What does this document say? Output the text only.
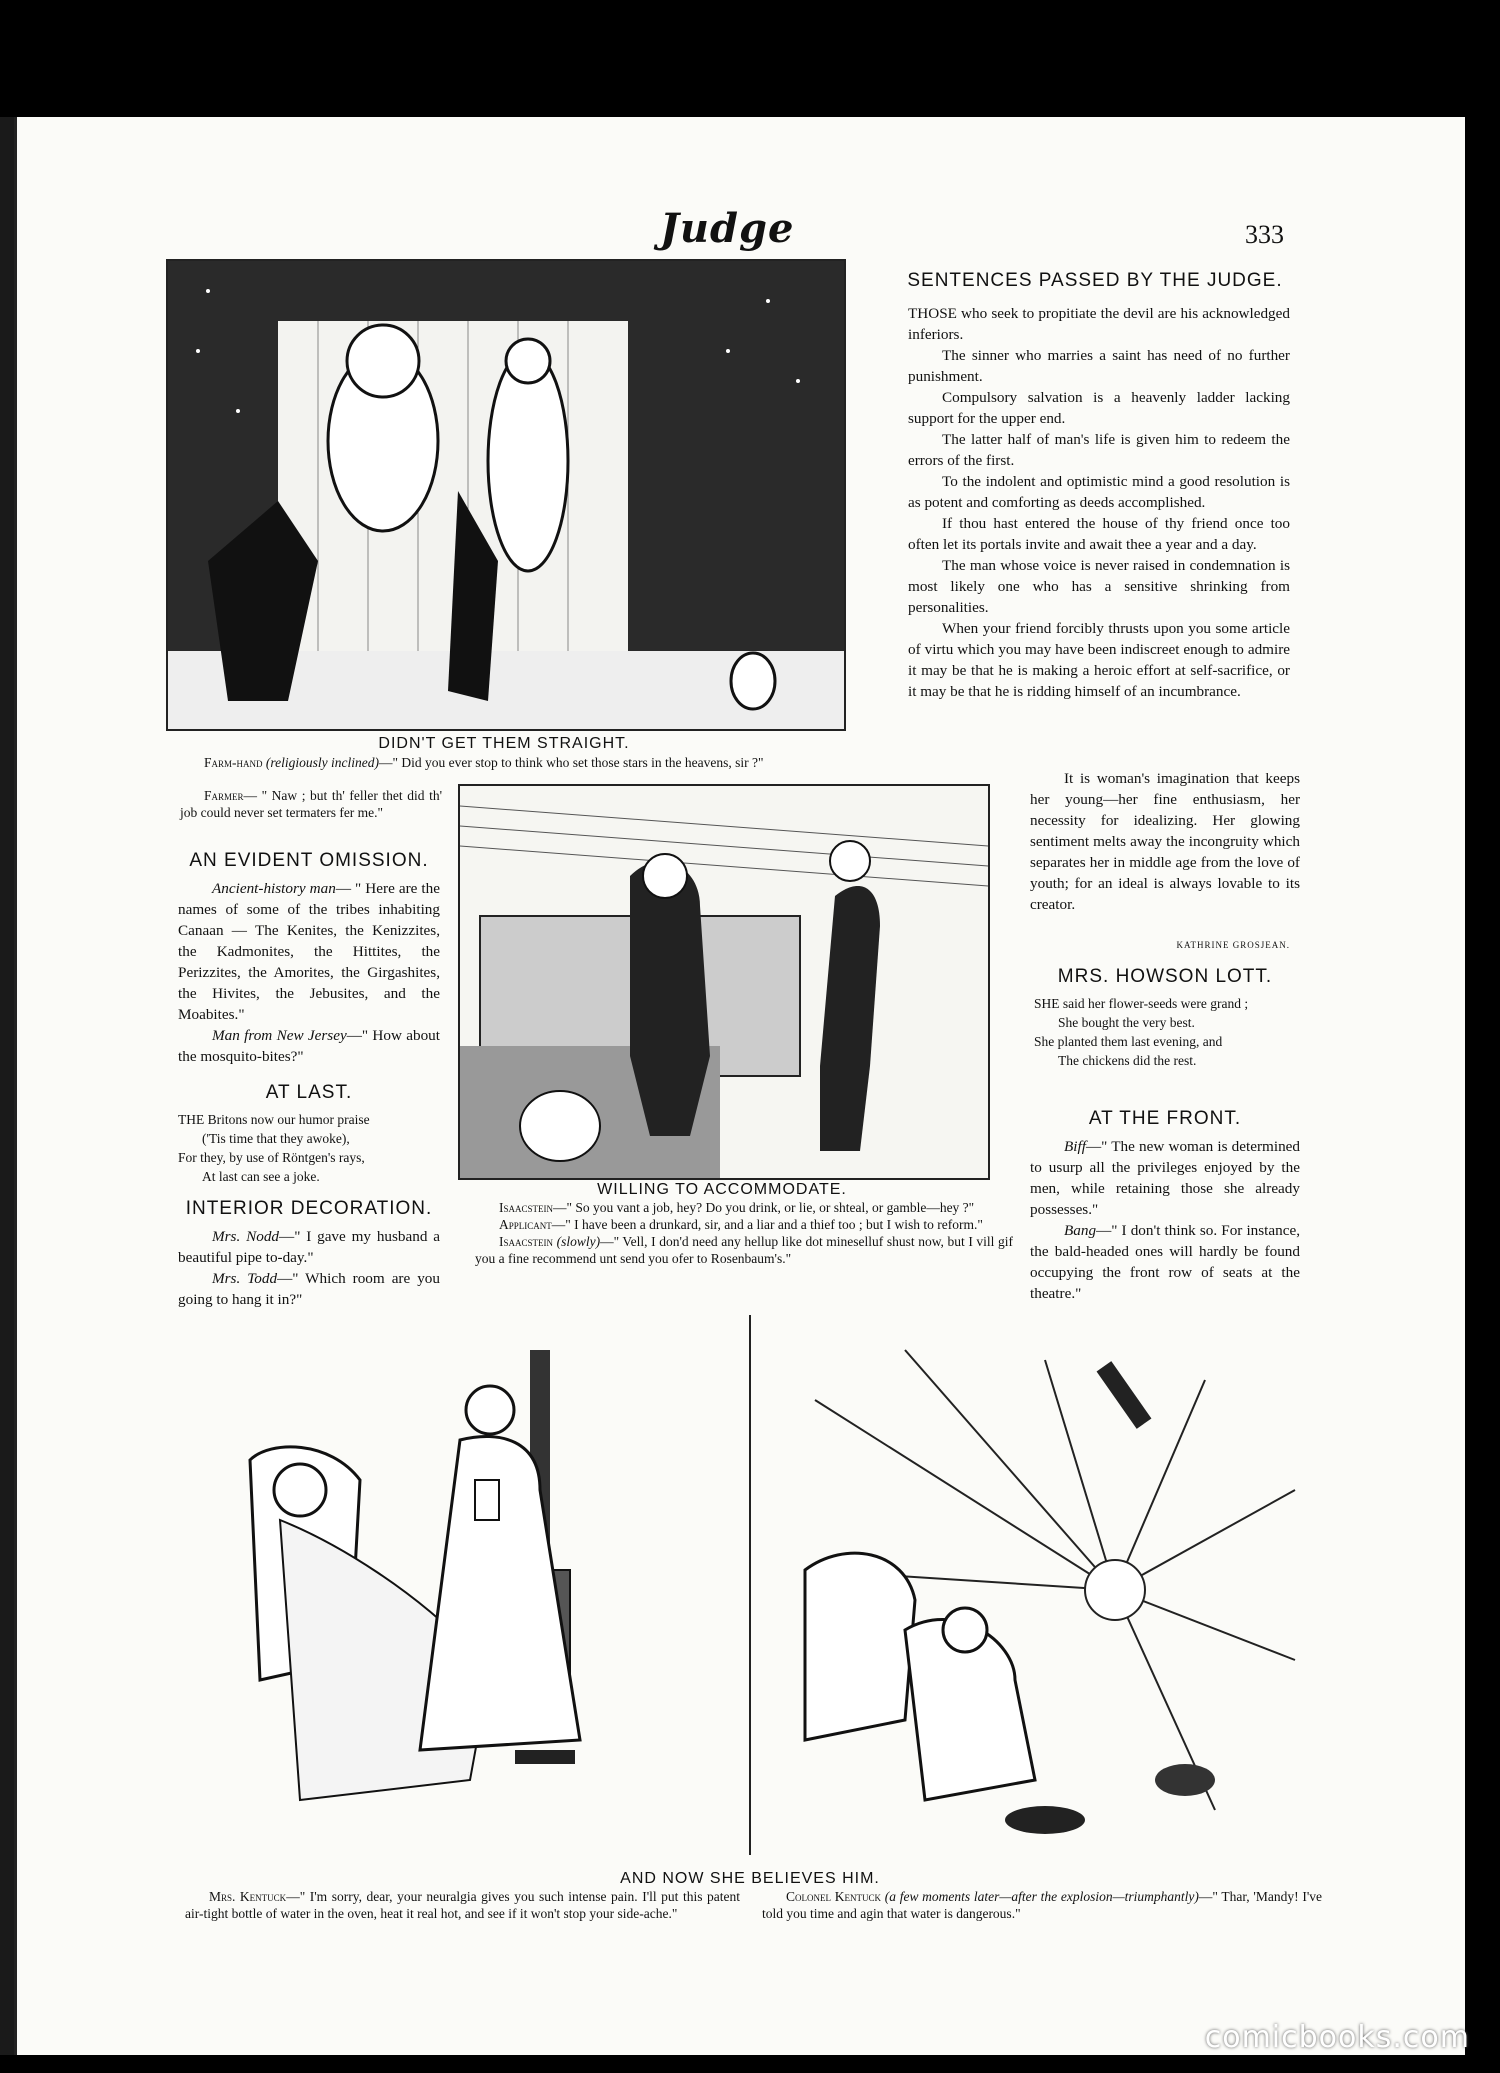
Judge	333
DIDN'T GET THEM STRAIGHT.

Farm-hand (religiously inclined)—" Did you ever stop to think who set those stars in the heavens, sir ?"

Farmer— " Naw ; but th' feller thet did th' job could never set termaters fer me."

WILLING TO ACCOMMODATE.

Isaacstein—" So you vant a job, hey? Do you drink, or lie, or shteal, or gamble—hey ?"

Applicant—" I have been a drunkard, sir, and a liar and a thief too ; but I wish to reform."

Isaacstein (slowly)—" Vell, I don'd need any hellup like dot mineselluf shust now, but I vill gif you a fine recommend unt send you ofer to Rosenbaum's."

AN EVIDENT OMISSION.

Ancient-history man— " Here are the names of some of the tribes inhabiting Canaan — The Kenites, the Kenizzites, the Kadmonites, the Hittites, the Perizzites, the Amorites, the Girgashites, the Hivites, the Jebusites, and the Moabites."

Man from New Jersey—" How about the mosquito-bites?"

AT LAST.
THE Britons now our humor praise
('Tis time that they awoke),
For they, by use of Röntgen's rays,
At last can see a joke.
INTERIOR DECORATION.

Mrs. Nodd—" I gave my husband a beautiful pipe to-day."

Mrs. Todd—" Which room are you going to hang it in?"

SENTENCES PASSED BY THE JUDGE.

THOSE who seek to propitiate the devil are his acknowledged inferiors.

The sinner who marries a saint has need of no further punishment.

Compulsory salvation is a heavenly ladder lacking support for the upper end.

The latter half of man's life is given him to redeem the errors of the first.

To the indolent and optimistic mind a good resolution is as potent and comforting as deeds accomplished.

If thou hast entered the house of thy friend once too often let its portals invite and await thee a year and a day.

The man whose voice is never raised in condemnation is most likely one who has a sensitive shrinking from personalities.

When your friend forcibly thrusts upon you some article of virtu which you may have been indiscreet enough to admire it may be that he is making a heroic effort at self-sacrifice, or it may be that he is ridding himself of an incumbrance.

It is woman's imagination that keeps her young—her fine enthusiasm, her necessity for idealizing. Her glowing sentiment melts away the incongruity which separates her in middle age from the love of youth; for an ideal is always lovable to its creator.

KATHRINE GROSJEAN.
MRS. HOWSON LOTT.
SHE said her flower-seeds were grand ;
She bought the very best.
She planted them last evening, and
The chickens did the rest.
AT THE FRONT.

Biff—" The new woman is determined to usurp all the privileges enjoyed by the men, while retaining those she already possesses."

Bang—" I don't think so. For instance, the bald-headed ones will hardly be found occupying the front row of seats at the theatre."

AND NOW SHE BELIEVES HIM.

Mrs. Kentuck—" I'm sorry, dear, your neuralgia gives you such intense pain. I'll put this patent air-tight bottle of water in the oven, heat it real hot, and see if it won't stop your side-ache."

Colonel Kentuck (a few moments later—after the explosion—triumphantly)—" Thar, 'Mandy! I've told you time and agin that water is dangerous."

comicbooks.com
